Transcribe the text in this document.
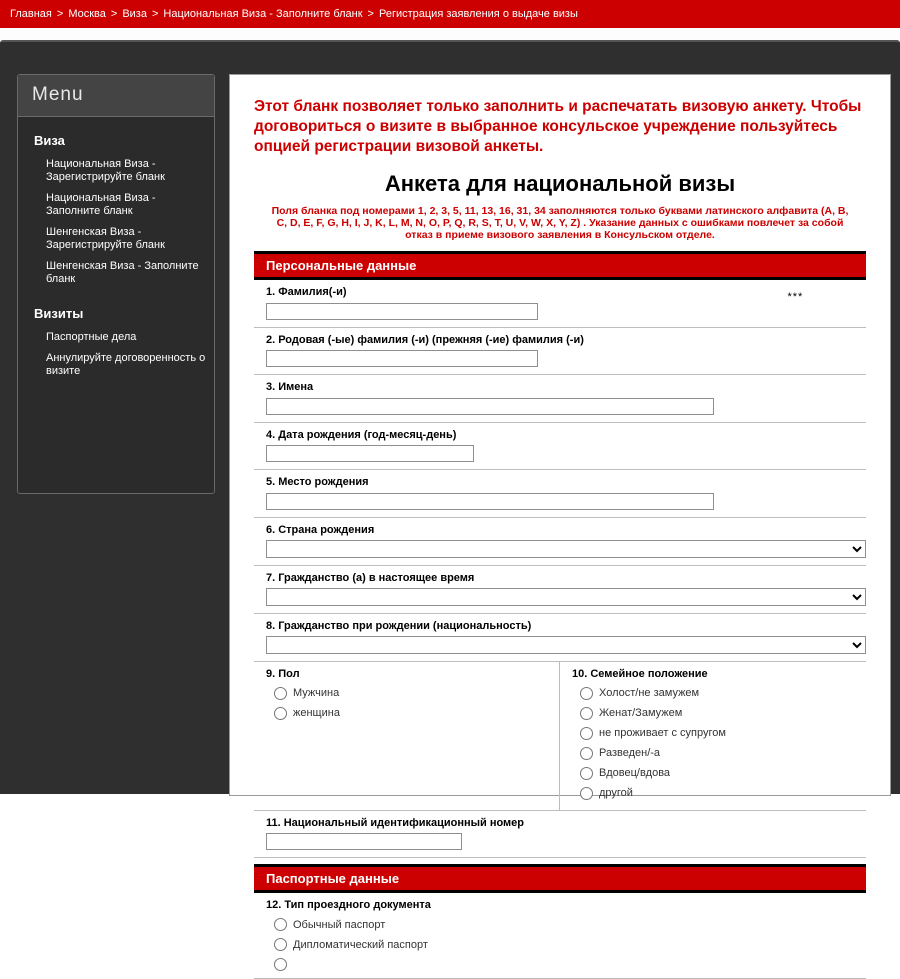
Главная > Москва > Виза > Национальная Виза - Заполните бланк > Регистрация заявления о выдаче визы
Menu
Виза
Национальная Виза - Зарегистрируйте бланк
Национальная Виза - Заполните бланк
Шенгенская Виза - Зарегистрируйте бланк
Шенгенская Виза - Заполните бланк
Визиты
Паспортные дела
Аннулируйте договоренность о визите

Этот бланк позволяет только заполнить и распечатать визовую анкету. Чтобы договориться о визите в выбранное консульское учреждение пользуйтесь опцией регистрации визовой анкеты.

Анкета для национальной визы

Поля бланка под номерами 1, 2, 3, 5, 11, 13, 16, 31, 34 заполняются только буквами латинского алфавита (A, B, C, D, E, F, G, H, I, J, K, L, M, N, O, P, Q, R, S, T, U, V, W, X, Y, Z) . Указание данных с ошибками повлечет за собой отказ в приеме визового заявления в Консульском отделе.

Персональные данные
1. Фамилия(-и)	***
2. Родовая (-ые) фамилия (-и) (прежняя (-ие) фамилия (-и)
3. Имена
4. Дата рождения (год-месяц-день)
5. Место рождения
6. Страна рождения
7. Гражданство (а) в настоящее время
8. Гражданство при рождении (национальность)
9. Пол
Мужчина
женщина
10. Семейное положение
Холост/не замужем
Женат/Замужем
не проживает с супругом
Разведен/-а
Вдовец/вдова
другой
11. Национальный идентификационный номер
Паспортные данные
12. Тип проездного документа
Обычный паспорт
Дипломатический паспорт
